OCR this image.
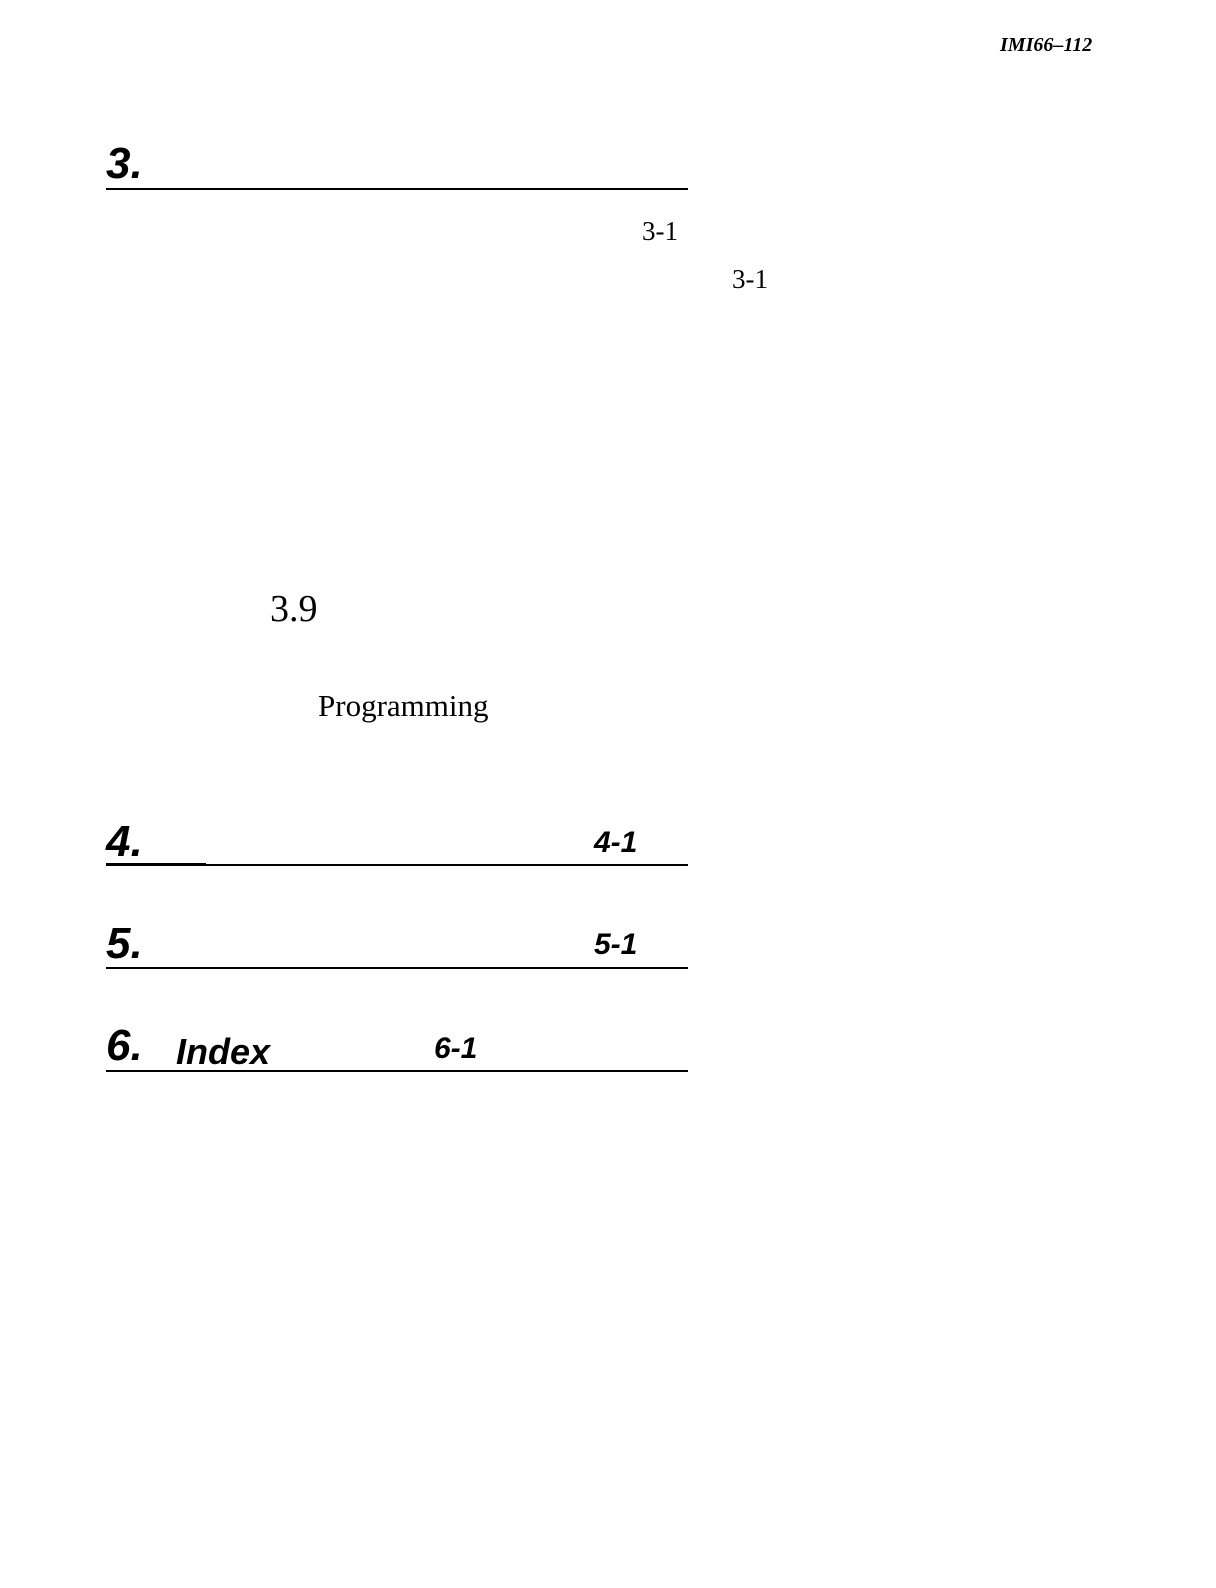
IMI66–112
3.
3-1
3-1
3.9
Programming
4.	4-1
5.	5-1
6. Index	6-1
